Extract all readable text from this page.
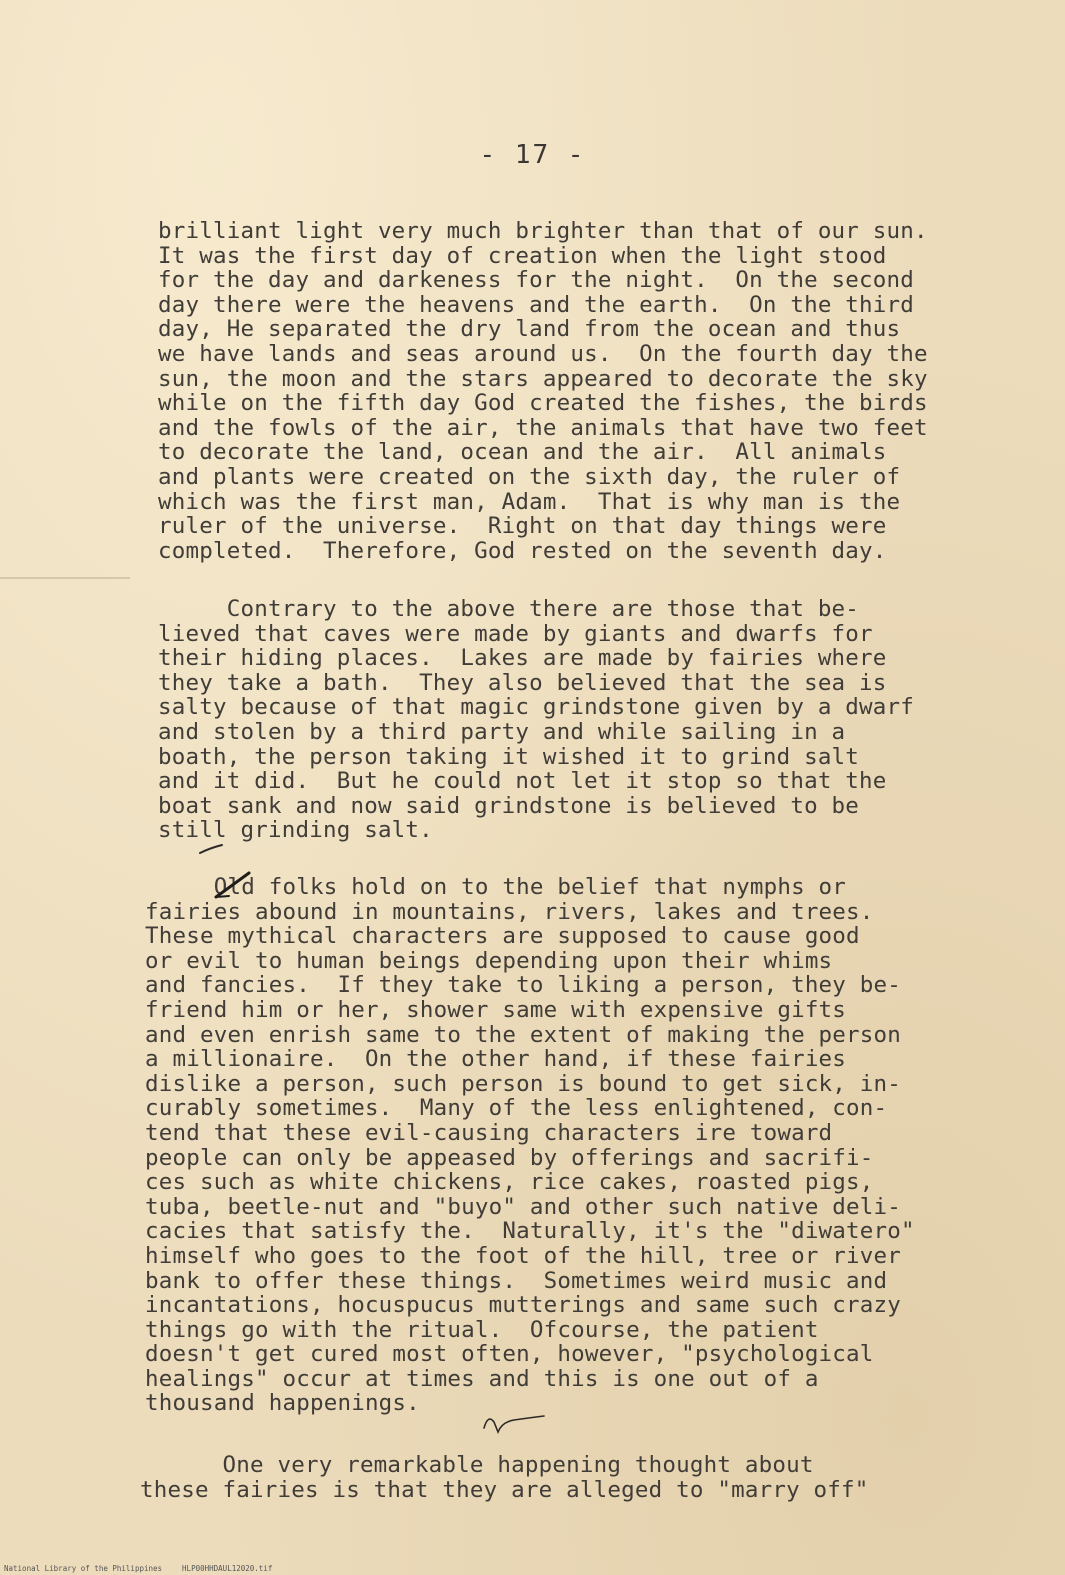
- 17 -
brilliant light very much brighter than that of our sun.
It was the first day of creation when the light stood
for the day and darkeness for the night.  On the second
day there were the heavens and the earth.  On the third
day, He separated the dry land from the ocean and thus
we have lands and seas around us.  On the fourth day the
sun, the moon and the stars appeared to decorate the sky
while on the fifth day God created the fishes, the birds
and the fowls of the air, the animals that have two feet
to decorate the land, ocean and the air.  All animals
and plants were created on the sixth day, the ruler of
which was the first man, Adam.  That is why man is the
ruler of the universe.  Right on that day things were
completed.  Therefore, God rested on the seventh day.
Contrary to the above there are those that be-
lieved that caves were made by giants and dwarfs for
their hiding places.  Lakes are made by fairies where
they take a bath.  They also believed that the sea is
salty because of that magic grindstone given by a dwarf
and stolen by a third party and while sailing in a
boath, the person taking it wished it to grind salt
and it did.  But he could not let it stop so that the
boat sank and now said grindstone is believed to be
still grinding salt.
Old folks hold on to the belief that nymphs or
fairies abound in mountains, rivers, lakes and trees.
These mythical characters are supposed to cause good
or evil to human beings depending upon their whims
and fancies.  If they take to liking a person, they be-
friend him or her, shower same with expensive gifts
and even enrish same to the extent of making the person
a millionaire.  On the other hand, if these fairies
dislike a person, such person is bound to get sick, in-
curably sometimes.  Many of the less enlightened, con-
tend that these evil-causing characters ire toward
people can only be appeased by offerings and sacrifi-
ces such as white chickens, rice cakes, roasted pigs,
tuba, beetle-nut and "buyo" and other such native deli-
cacies that satisfy the.  Naturally, it's the "diwatero"
himself who goes to the foot of the hill, tree or river
bank to offer these things.  Sometimes weird music and
incantations, hocuspucus mutterings and same such crazy
things go with the ritual.  Ofcourse, the patient
doesn't get cured most often, however, "psychological
healings" occur at times and this is one out of a
thousand happenings.
One very remarkable happening thought about
these fairies is that they are alleged to "marry off"
National Library of the Philippines	HLP00HHDAUL12020.tif
